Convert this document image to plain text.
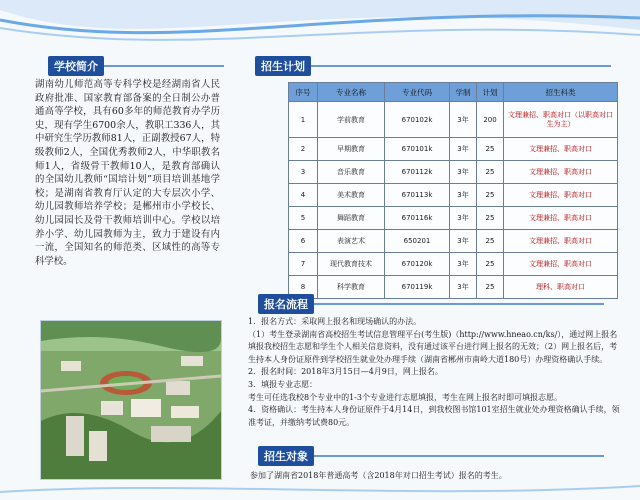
学校简介
湖南幼儿师范高等专科学校是经湖南省人民政府批准、国家教育部备案的全日制公办普通高等学校，具有60多年的师范教育办学历史，现有学生6700余人，教职工336人，其中研究生学历教师81人，正副教授67人，特级教师2人，全国优秀教师2人，中华职教名师1人，省级骨干教师10人，是教育部确认的全国幼儿教师“国培计划”项目培训基地学校；是湖南省教育厅认定的大专层次小学、幼儿园教师培养学校；是郴州市小学校长、幼儿园园长及骨干教师培训中心。学校以培养小学、幼儿园教师为主，致力于建设有内一流，全国知名的师范类、区域性的高等专科学校。
招生计划
序号	专业名称	专业代码	学制	计划	招生科类
1	学前教育	670102k	3年	200	文理兼招、职高对口（以职高对口生为主）
2	早期教育	670101k	3年	25	文理兼招、职高对口
3	音乐教育	670112k	3年	25	文理兼招、职高对口
4	美术教育	670113k	3年	25	文理兼招、职高对口
5	舞蹈教育	670116k	3年	25	文理兼招、职高对口
6	表演艺术	650201	3年	25	文理兼招、职高对口
7	现代教育技术	670120k	3年	25	文理兼招、职高对口
8	科学教育	670119k	3年	25	理科、职高对口
报名流程

1．报名方式：采取网上报名和现场确认的办法。

（1）考生登录湖南省高校招生考试信息管理平台(考生版)（http://www.hneao.cn/ks/），通过网上报名填报我校招生志愿和学生个人相关信息资料，没有通过该平台进行网上报名的无效；（2）网上报名后，考生持本人身份证原件到学校招生就业处办理手续（湖南省郴州市南岭大道180号）办理资格确认手续。

2．报名时间：2018年3月15日—4月9日，网上报名。

3．填报专业志愿：

考生可任选我校8个专业中的1-3个专业进行志愿填报，考生在网上报名时即可填报志愿。

4．资格确认：考生持本人身份证原件于4月14日，到我校图书馆101室招生就业处办理资格确认手续，领准考证，并缴纳考试费80元。

招生对象
参加了湖南省2018年普通高考（含2018年对口招生考试）报名的考生。
